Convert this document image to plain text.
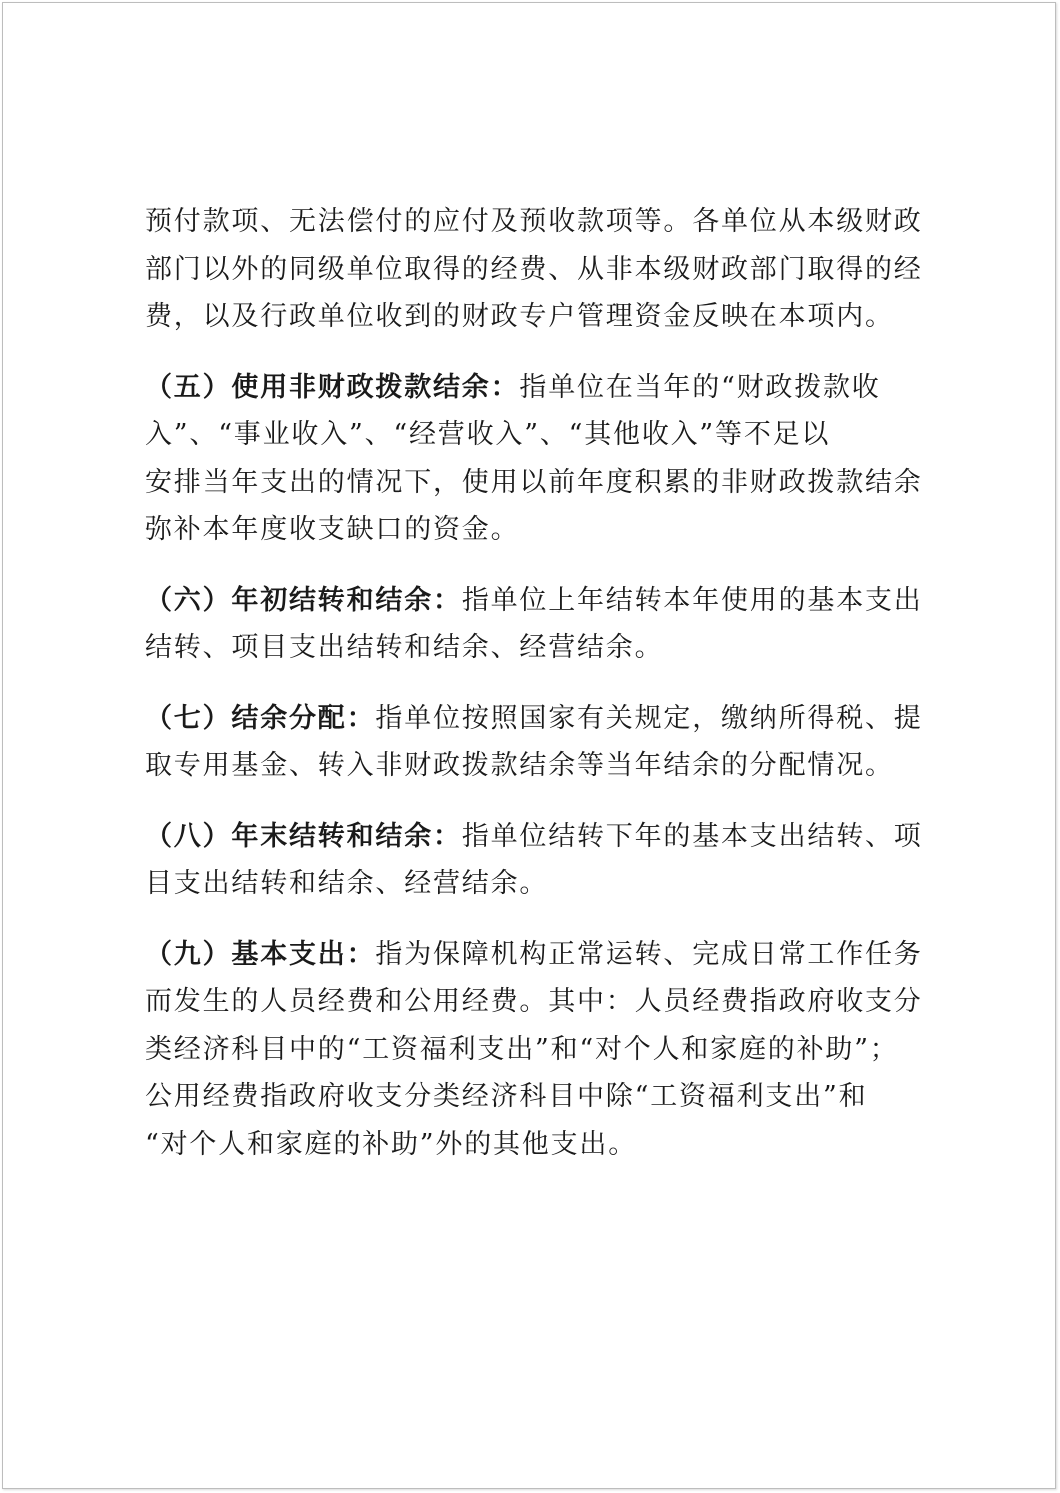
预付款项、无法偿付的应付及预收款项等。各单位从本级财政
部门以外的同级单位取得的经费、从非本级财政部门取得的经
费，以及行政单位收到的财政专户管理资金反映在本项内。

（五）使用非财政拨款结余：指单位在当年的“财政拨款收
入”、“事业收入”、“经营收入”、“其他收入”等不足以
安排当年支出的情况下，使用以前年度积累的非财政拨款结余
弥补本年度收支缺口的资金。

（六）年初结转和结余：指单位上年结转本年使用的基本支出
结转、项目支出结转和结余、经营结余。

（七）结余分配：指单位按照国家有关规定，缴纳所得税、提
取专用基金、转入非财政拨款结余等当年结余的分配情况。

（八）年末结转和结余：指单位结转下年的基本支出结转、项
目支出结转和结余、经营结余。

（九）基本支出：指为保障机构正常运转、完成日常工作任务
而发生的人员经费和公用经费。其中：人员经费指政府收支分
类经济科目中的“工资福利支出”和“对个人和家庭的补助”；
公用经费指政府收支分类经济科目中除“工资福利支出”和
“对个人和家庭的补助”外的其他支出。
